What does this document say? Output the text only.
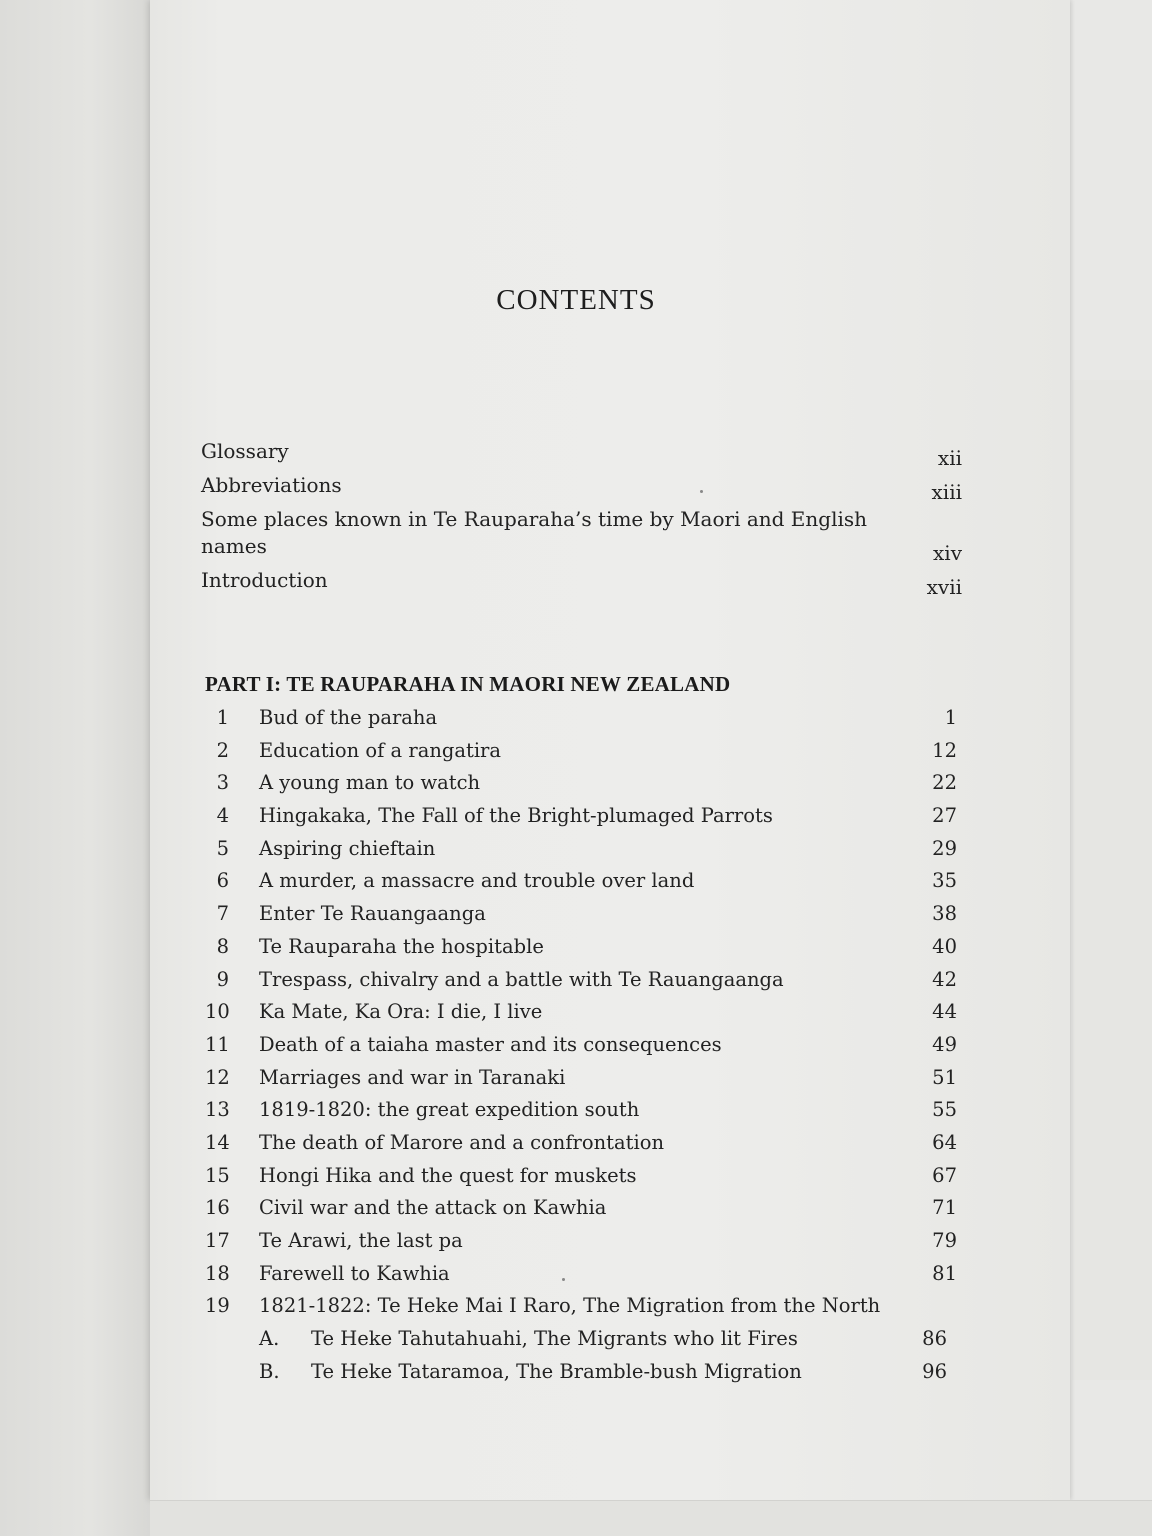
CONTENTS
Glossary	xii
Abbreviations	xiii
Some places known in Te Rauparaha’s time by Maori and English names	xiv
Introduction	xvii
PART I: TE RAUPARAHA IN MAORI NEW ZEALAND
1 Bud of the paraha	1
2 Education of a rangatira	12
3 A young man to watch	22
4 Hingakaka, The Fall of the Bright-plumaged Parrots	27
5 Aspiring chieftain	29
6 A murder, a massacre and trouble over land	35
7 Enter Te Rauangaanga	38
8 Te Rauparaha the hospitable	40
9 Trespass, chivalry and a battle with Te Rauangaanga	42
10 Ka Mate, Ka Ora: I die, I live	44
11 Death of a taiaha master and its consequences	49
12 Marriages and war in Taranaki	51
13 1819-1820: the great expedition south	55
14 The death of Marore and a confrontation	64
15 Hongi Hika and the quest for muskets	67
16 Civil war and the attack on Kawhia	71
17 Te Arawi, the last pa	79
18 Farewell to Kawhia	81
19 1821-1822: Te Heke Mai I Raro, The Migration from the North
A. Te Heke Tahutahuahi, The Migrants who lit Fires	86
B. Te Heke Tataramoa, The Bramble-bush Migration	96
